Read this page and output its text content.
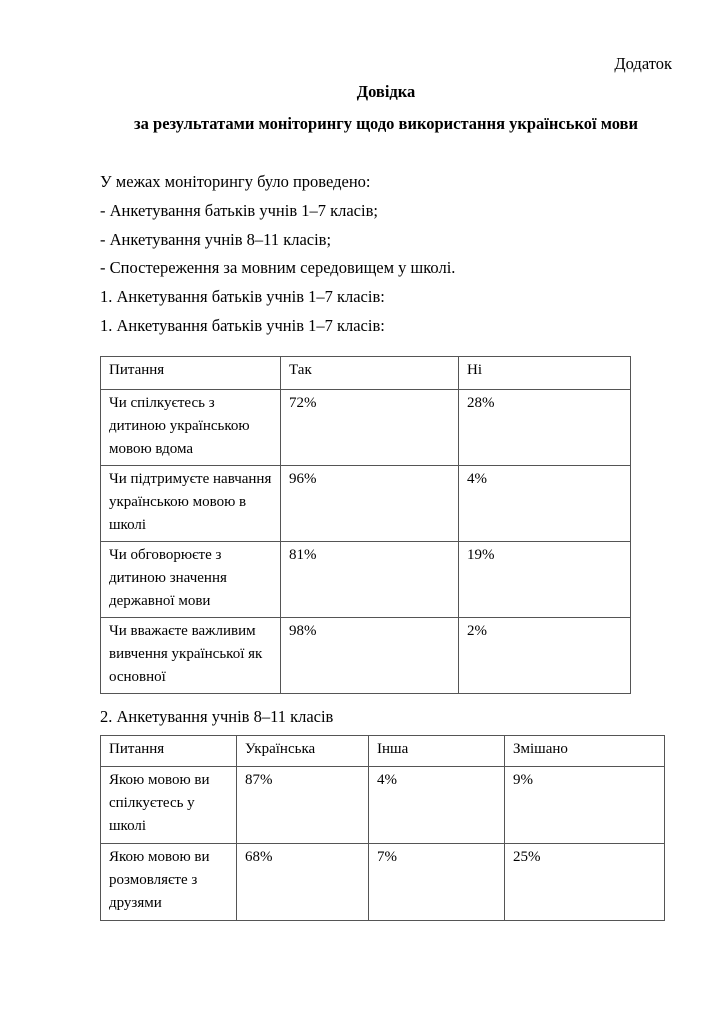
Додаток
Довідка
за результатами моніторингу щодо використання української мови
У межах моніторингу було проведено:
- Анкетування батьків учнів 1–7 класів;
- Анкетування учнів 8–11 класів;
- Спостереження за мовним середовищем у школі.
1. Анкетування батьків учнів 1–7 класів:
1. Анкетування батьків учнів 1–7 класів:
Питання	Так	Ні
Чи спілкуєтесь з дитиною українською мовою вдома	72%	28%
Чи підтримуєте навчання українською мовою в школі	96%	4%
Чи обговорюєте з дитиною значення державної мови	81%	19%
Чи вважаєте важливим вивчення української як основної	98%	2%
2. Анкетування учнів 8–11 класів
Питання	Українська	Інша	Змішано
Якою мовою ви спілкуєтесь у школі	87%	4%	9%
Якою мовою ви розмовляєте з друзями	68%	7%	25%
